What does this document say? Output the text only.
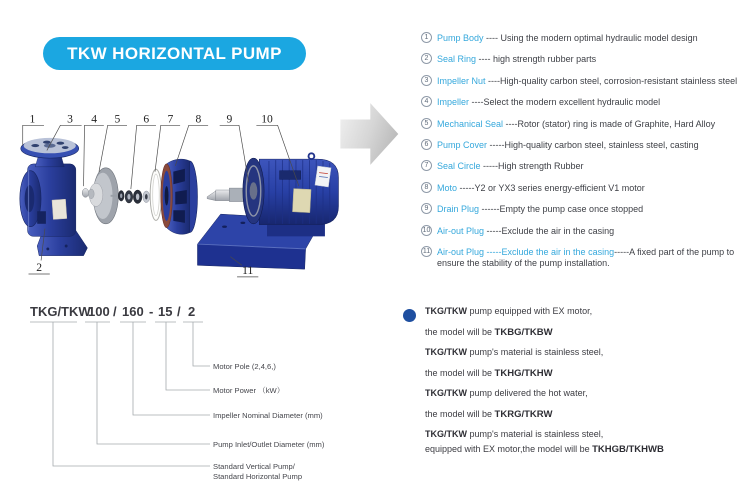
TKW HORIZONTAL PUMP
1	3 4 5 6 7 8 9 10
2	11
1 Pump Body ---- Using the modern optimal hydraulic model design
2 Seal Ring ---- high strength rubber parts
3 Impeller Nut ----High-quality carbon steel, corrosion-resistant stainless steel
4 Impeller ----Select the modern excellent hydraulic model
5 Mechanical Seal ----Rotor (stator) ring is made of Graphite, Hard Alloy
6 Pump Cover -----High-quality carbon steel, stainless steel, casting
7 Seal Circle -----High strength Rubber
8 Moto -----Y2 or YX3 series energy-efficient V1 motor
9 Drain Plug ------Empty the pump case once stopped
10 Air-out Plug -----Exclude the air in the casing
11 Air-out Plug -----Exclude the air in the casing-----A fixed part of the pump to ensure the stability of the pump installation.
TKG/TKW
100 / 160 - 15 / 2
Motor Pole (2,4,6,)
Motor Power （kW）
Impeller Nominal Diameter (mm)
Pump Inlet/Outlet Diameter (mm)
Standard Vertical Pump/
Standard Horizontal Pump
TKG/TKW pump equipped with EX motor,
the model will be TKBG/TKBW
TKG/TKW pump's material is stainless steel,
the model will be TKHG/TKHW
TKG/TKW pump delivered the hot water,
the model will be TKRG/TKRW
TKG/TKW pump's material is stainless steel,
equipped with EX motor,the model will be TKHGB/TKHWB
